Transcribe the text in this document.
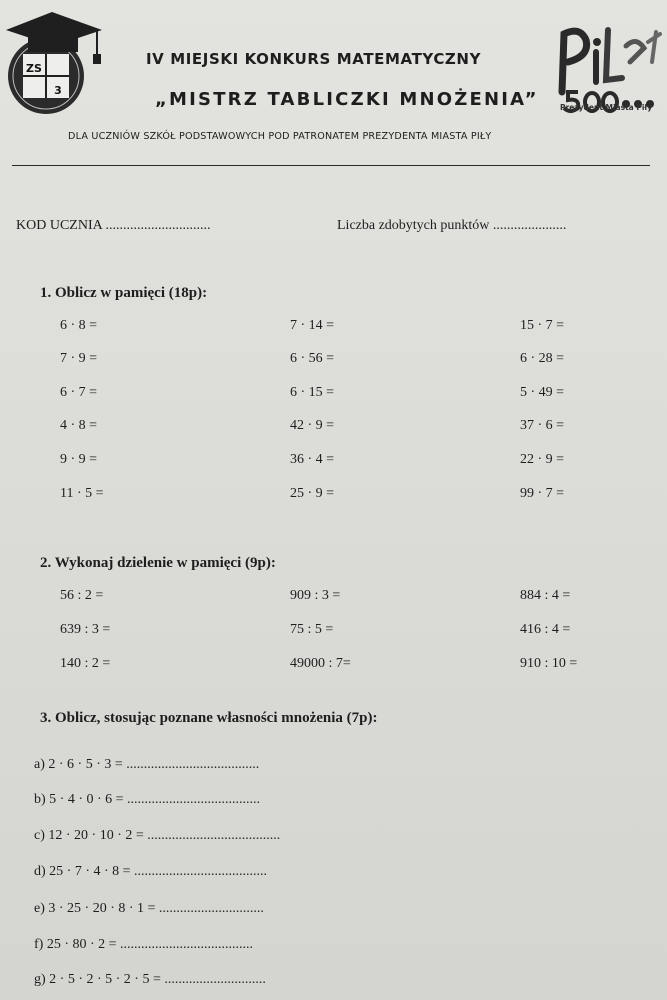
ZS
3
Prezydent Miasta Piły
IV MIEJSKI KONKURS MATEMATYCZNY
„MISTRZ TABLICZKI MNOŻENIA”
DLA UCZNIÓW SZKÓŁ PODSTAWOWYCH POD PATRONATEM PREZYDENTA MIASTA PIŁY
KOD UCZNIA ..............................	Liczba zdobytych punktów .....................
1. Oblicz w pamięci (18p):
6 · 8 =
7 · 9 =
6 · 7 =
4 · 8 =
9 · 9 =
11 · 5 =
7 · 14 =
6 · 56 =
6 · 15 =
42 · 9 =
36 · 4 =
25 · 9 =
15 · 7 =
6 · 28 =
5 · 49 =
37 · 6 =
22 · 9 =
99 · 7 =
2. Wykonaj dzielenie w pamięci (9p):
56 : 2 =
639 : 3 =
140 : 2 =
909 : 3 =
75 : 5 =
49000 : 7=
884 : 4 =
416 : 4 =
910 : 10 =
3. Oblicz, stosując poznane własności mnożenia (7p):
a) 2 · 6 · 5 · 3 = ......................................
b) 5 · 4 · 0 · 6 = ......................................
c) 12 · 20 · 10 · 2 = ......................................
d) 25 · 7 · 4 · 8 = ......................................
e) 3 · 25 · 20 · 8 · 1 = ..............................
f) 25 · 80 · 2 = ......................................
g) 2 · 5 · 2 · 5 · 2 · 5 = .............................
